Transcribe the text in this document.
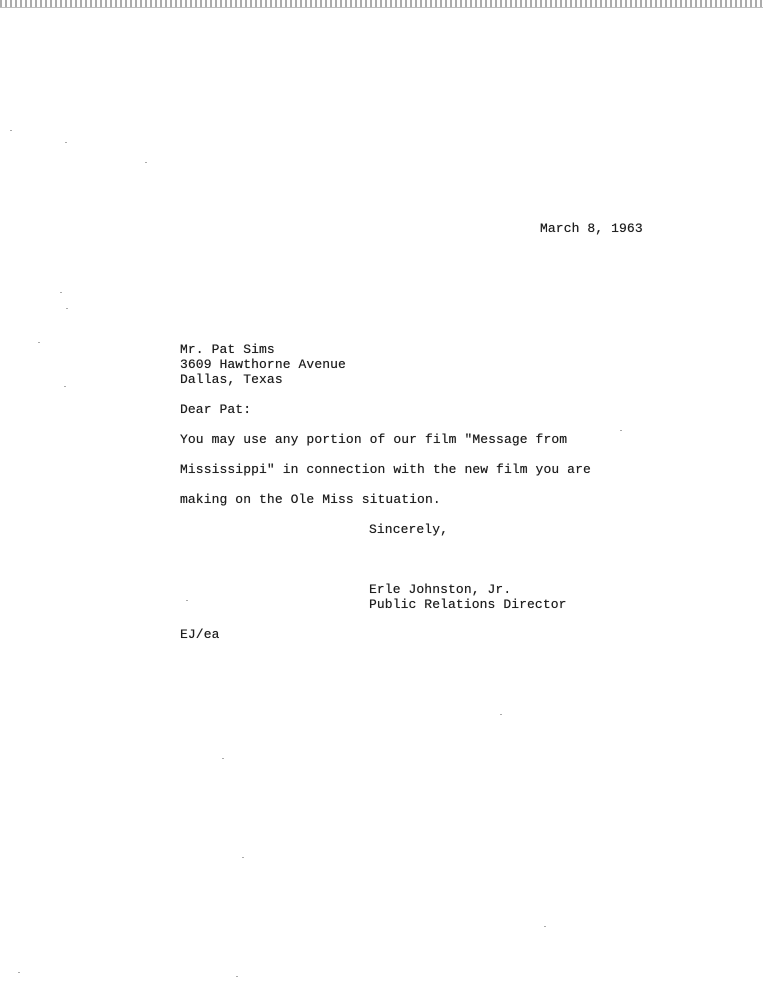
March 8, 1963
Mr. Pat Sims
3609 Hawthorne Avenue
Dallas, Texas
Dear Pat:
You may use any portion of our film "Message from
Mississippi" in connection with the new film you are
making on the Ole Miss situation.
Sincerely,
Erle Johnston, Jr.
Public Relations Director
EJ/ea
